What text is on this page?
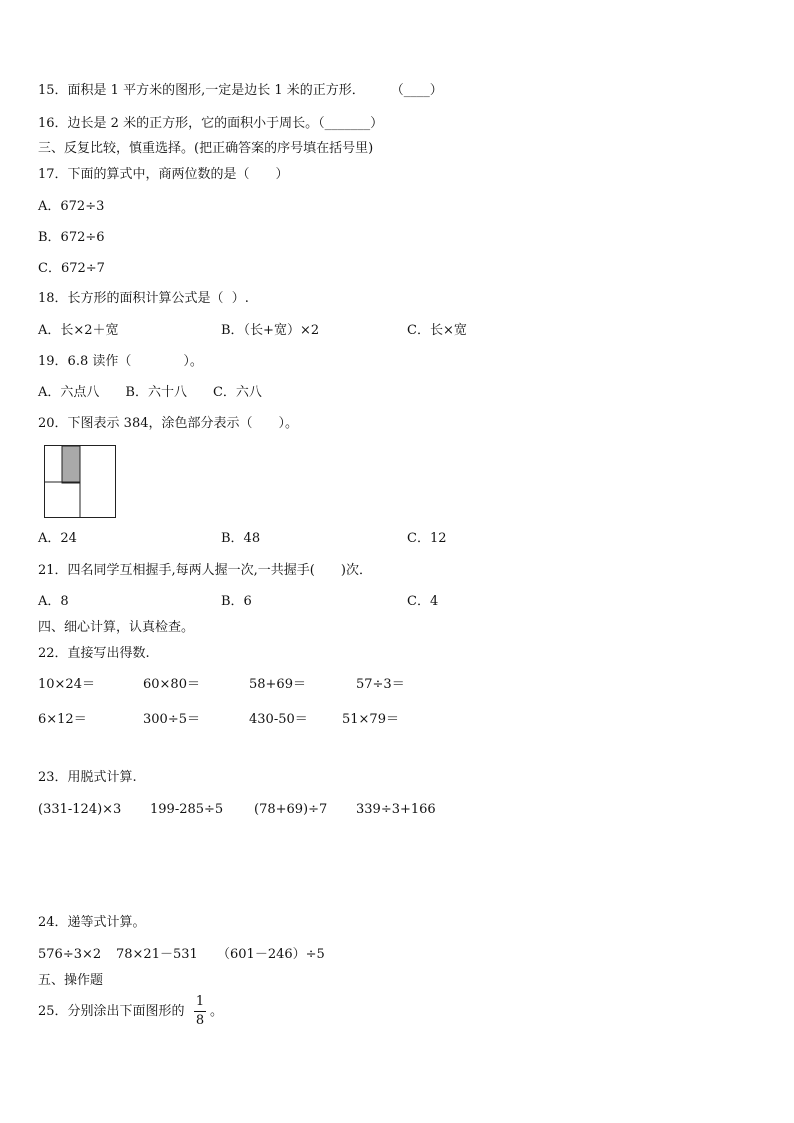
15．面积是 1 平方米的图形,一定是边长 1 米的正方形．　　　（____）
16．边长是 2 米的正方形，它的面积小于周长。（_______）
三、反复比较，慎重选择。(把正确答案的序号填在括号里)
17．下面的算式中，商两位数的是（　　）
A．672÷3
B．672÷6
C．672÷7
18．长方形的面积计算公式是（  ）.
A．长×2＋宽	B．（长+宽）×2	C．长×宽
19．6.8 读作（　　　　）。
A．六点八　　B．六十八　　C．六八
20．下图表示 384，涂色部分表示（　　）。
A．24	B．48	C．12
21．四名同学互相握手,每两人握一次,一共握手(　　)次．
A．8	B．6	C．4
四、细心计算，认真检查。
22．直接写出得数.
10×24＝	60×80＝	58+69＝	57÷3＝
6×12＝	300÷5＝	430-50＝	51×79＝
23．用脱式计算.
(331-124)×3 199-285÷5 (78+69)÷7 339÷3+166
24．递等式计算。
576÷3×2 78×21－531 （601－246）÷5
五、操作题
25．分别涂出下面图形的
1
8
。
